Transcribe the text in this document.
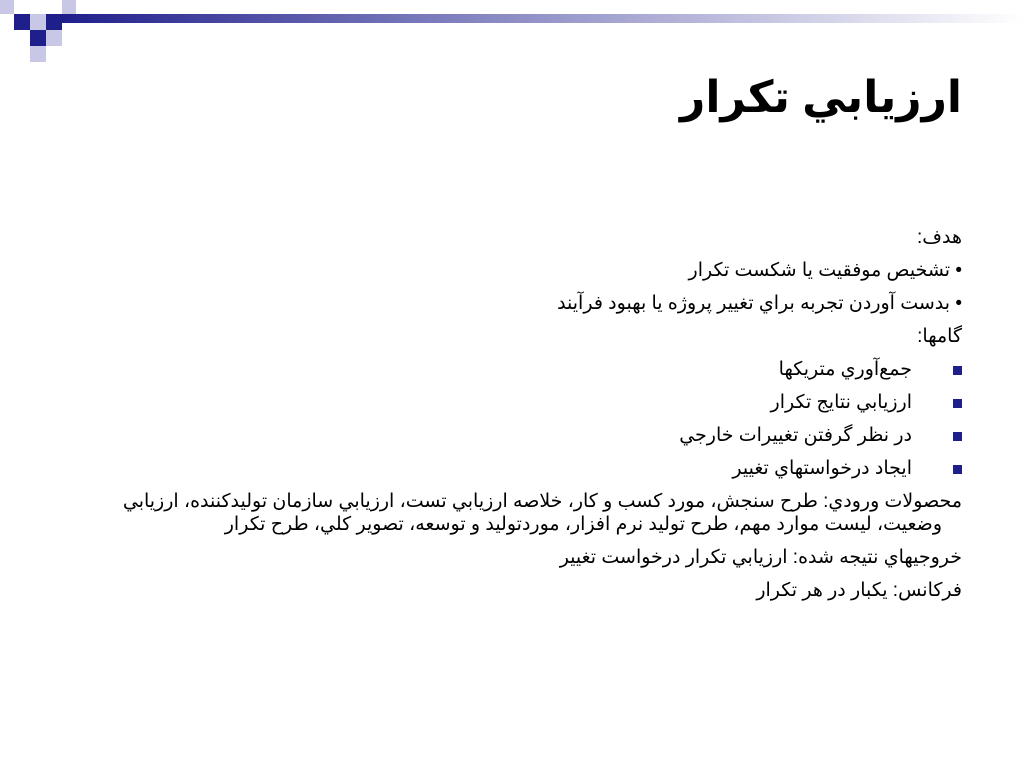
ارزيابي تکرار

هدف:

• تشخيص موفقيت يا شکست تکرار

• بدست آوردن تجربه براي تغيير پروژه يا بهبود فرآيند

گامها:

جمع‌آوري متريکها
ارزيابي نتايج تکرار
در نظر گرفتن تغييرات خارجي
ايجاد درخواستهاي تغيير

محصولات ورودي: طرح سنجش، مورد کسب و کار، خلاصه ارزيابي تست، ارزيابي سازمان توليدکننده، ارزيابي وضعيت، ليست موارد مهم، طرح توليد نرم افزار، موردتوليد و توسعه، تصوير کلي، طرح تکرار

خروجيهاي نتيجه شده: ارزيابي تکرار درخواست تغيير

فرکانس: يکبار در هر تکرار
